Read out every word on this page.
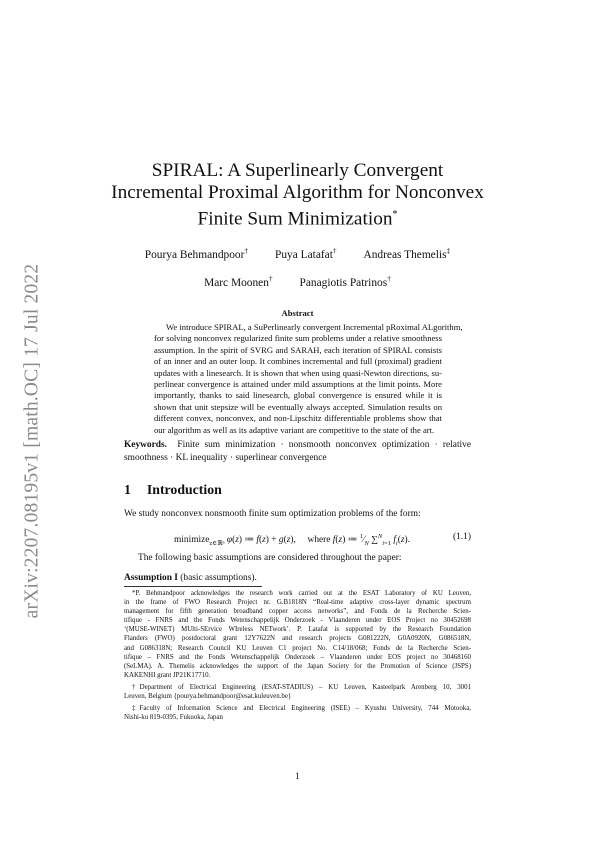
arXiv:2207.08195v1 [math.OC] 17 Jul 2022
SPIRAL: A Superlinearly Convergent
Incremental Proximal Algorithm for Nonconvex
Finite Sum Minimization*
Pourya Behmandpoor† Puya Latafat† Andreas Themelis‡
Marc Moonen† Panagiotis Patrinos†
Abstract
We introduce SPIRAL, a SuPerlinearly convergent Incremental pRoximal ALgorithm,
for solving nonconvex regularized finite sum problems under a relative smoothness
assumption. In the spirit of SVRG and SARAH, each iteration of SPIRAL consists
of an inner and an outer loop. It combines incremental and full (proximal) gradient
updates with a linesearch. It is shown that when using quasi-Newton directions, su-
perlinear convergence is attained under mild assumptions at the limit points. More
importantly, thanks to said linesearch, global convergence is ensured while it is
shown that unit stepsize will be eventually always accepted. Simulation results on
different convex, nonconvex, and non-Lipschitz differentiable problems show that
our algorithm as well as its adaptive variant are competitive to the state of the art.
Keywords. Finite sum minimization · nonsmooth nonconvex optimization · relative
smoothness · KL inequality · superlinear convergence
1 Introduction
We study nonconvex nonsmooth finite sum optimization problems of the form:
minimize$_{z\in ℝ^n}$ φ(z) ≔ f(z) + g(z),     where f(z) ≔ $^1⁄_N$ ∑$^N_{i=1}$ $f_i(z)$.	(1.1)
The following basic assumptions are considered throughout the paper:
Assumption I (basic assumptions).
*P. Behmandpoor acknowledges the research work carried out at the ESAT Laboratory of KU Leuven,
in the frame of FWO Research Project nr. G.B1818N “Real-time adaptive cross-layer dynamic spectrum
management for fifth generation broadband copper access networks”, and Fonds de la Recherche Scien-
tifique - FNRS and the Fonds Wetenschappelijk Onderzoek - Vlaanderen under EOS Project no 30452698
‘(MUSE-WINET) MUlti-SErvice WIreless NETwork’. P. Latafat is supported by the Research Foundation
Flanders (FWO) postdoctoral grant 12Y7622N and research projects G081222N, G0A0920N, G086518N,
and G086318N; Research Council KU Leuven C1 project No. C14/18/068; Fonds de la Recherche Scien-
tifique – FNRS and the Fonds Wetenschappelijk Onderzoek – Vlaanderen under EOS project no 30468160
(SeLMA). A. Themelis acknowledges the support of the Japan Society for the Promotion of Science (JSPS)
KAKENHI grant JP21K17710.
†Department of Electrical Engineering (ESAT-STADIUS) – KU Leuven, Kasteelpark Arenberg 10, 3001
Leuven, Belgium {pourya.behmandpoor@esat.kuleuven.be}
‡Faculty of Information Science and Electrical Engineering (ISEE) – Kyushu University, 744 Motooka,
Nishi-ku 819-0395, Fukuoka, Japan
1
